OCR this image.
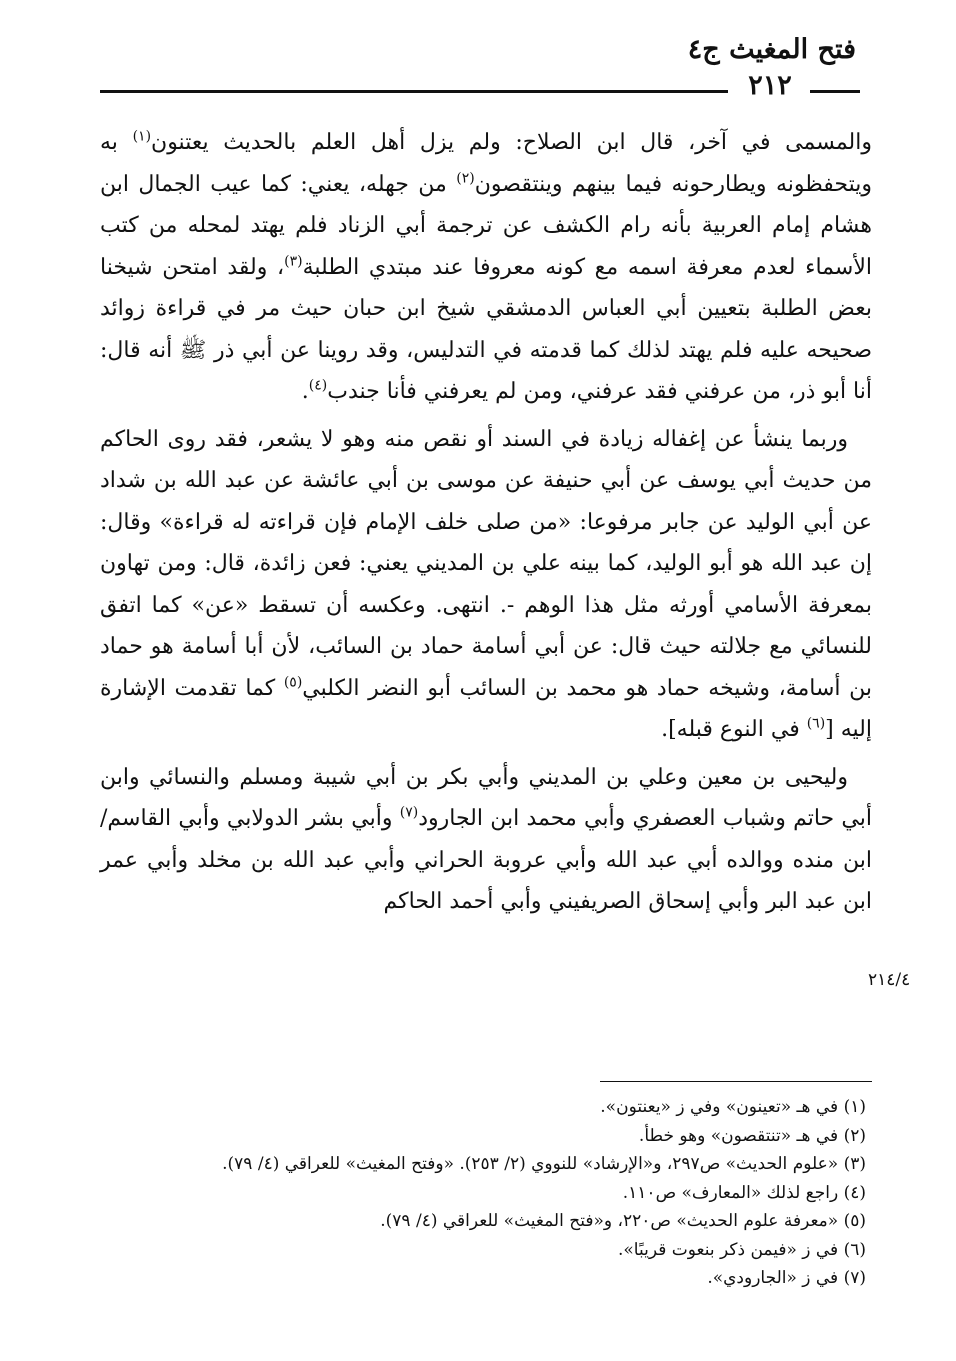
فتح المغيث ج٤
٢١٢

والمسمى في آخر، قال ابن الصلاح: ولم يزل أهل العلم بالحديث يعتنون$^{(١)}$ به ويتحفظونه ويطارحونه فيما بينهم وينتقصون$^{(٢)}$ من جهله، يعني: كما عيب الجمال ابن هشام إمام العربية بأنه رام الكشف عن ترجمة أبي الزناد فلم يهتد لمحله من كتب الأسماء لعدم معرفة اسمه مع كونه معروفا عند مبتدي الطلبة$^{(٣)}$، ولقد امتحن شيخنا بعض الطلبة بتعيين أبي العباس الدمشقي شيخ ابن حبان حيث مر في قراءة زوائد صحيحه عليه فلم يهتد لذلك كما قدمته في التدليس، وقد روينا عن أبي ذر ﷺ أنه قال: أنا أبو ذر، من عرفني فقد عرفني، ومن لم يعرفني فأنا جندب$^{(٤)}$.

وربما ينشأ عن إغفاله زيادة في السند أو نقص منه وهو لا يشعر، فقد روى الحاكم من حديث أبي يوسف عن أبي حنيفة عن موسى بن أبي عائشة عن عبد الله بن شداد عن أبي الوليد عن جابر مرفوعا: «من صلى خلف الإمام فإن قراءته له قراءة» وقال: إن عبد الله هو أبو الوليد، كما بينه علي بن المديني يعني: فعن زائدة، قال: ومن تهاون بمعرفة الأسامي أورثه مثل هذا الوهم -. انتهى. وعكسه أن تسقط «عن» كما اتفق للنسائي مع جلالته حيث قال: عن أبي أسامة حماد بن السائب، لأن أبا أسامة هو حماد بن أسامة، وشيخه حماد هو محمد بن السائب أبو النضر الكلبي$^{(٥)}$ كما تقدمت الإشارة إليه [$^{(٦)}$ في النوع قبله].

وليحيى بن معين وعلي بن المديني وأبي بكر بن أبي شيبة ومسلم والنسائي وابن أبي حاتم وشباب العصفري وأبي محمد ابن الجارود$^{(٧)}$ وأبي بشر الدولابي وأبي القاسم/ ابن منده ووالده أبي عبد الله وأبي عروبة الحراني وأبي عبد الله بن مخلد وأبي عمر ابن عبد البر وأبي إسحاق الصريفيني وأبي أحمد الحاكم

٢١٤/٤
(١) في هـ «تعينون» وفي ز «يعنتون».
(٢) في هـ «تنتقصون» وهو خطأ.
(٣) «علوم الحديث» ص٢٩٧، و«الإرشاد» للنووي (٢/ ٢٥٣). «وفتح المغيث» للعراقي (٤/ ٧٩).
(٤) راجع لذلك «المعارف» ص١١٠.
(٥) «معرفة علوم الحديث» ص٢٢٠، و«فتح المغيث» للعراقي (٤/ ٧٩).
(٦) في ز «فيمن ذكر بنعوت قريبًا».
(٧) في ز «الجارودي».
